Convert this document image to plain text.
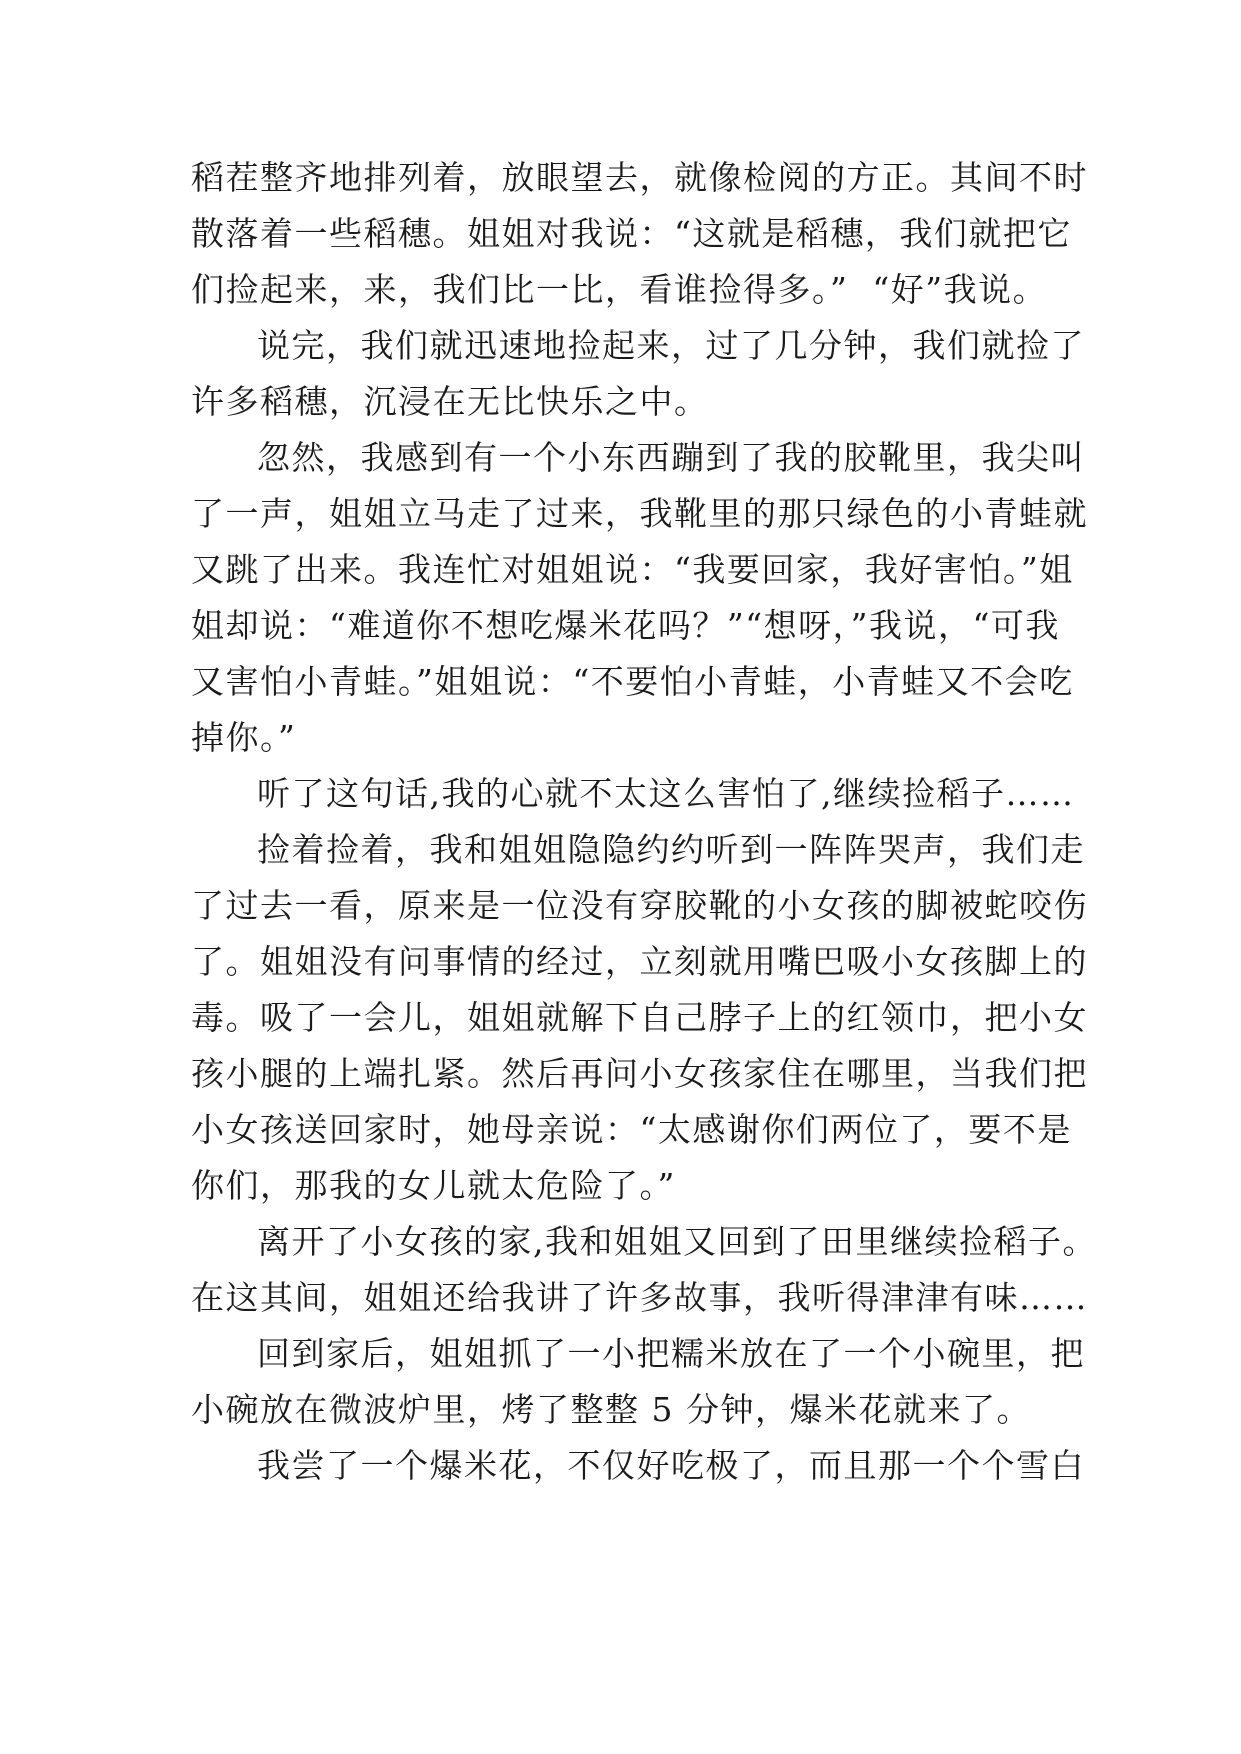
稻茬整齐地排列着，放眼望去，就像检阅的方正。其间不时
散落着一些稻穗。姐姐对我说：“这就是稻穗，我们就把它
们捡起来，来，我们比一比，看谁捡得多。”  “好”我说。
说完，我们就迅速地捡起来，过了几分钟，我们就捡了
许多稻穗，沉浸在无比快乐之中。
忽然，我感到有一个小东西蹦到了我的胶靴里，我尖叫
了一声，姐姐立马走了过来，我靴里的那只绿色的小青蛙就
又跳了出来。我连忙对姐姐说：“我要回家，我好害怕。”姐
姐却说：“难道你不想吃爆米花吗？”“想呀，”我说，“可我
又害怕小青蛙。”姐姐说：“不要怕小青蛙，小青蛙又不会吃
掉你。”
听了这句话,我的心就不太这么害怕了,继续捡稻子……
捡着捡着，我和姐姐隐隐约约听到一阵阵哭声，我们走
了过去一看，原来是一位没有穿胶靴的小女孩的脚被蛇咬伤
了。姐姐没有问事情的经过，立刻就用嘴巴吸小女孩脚上的
毒。吸了一会儿，姐姐就解下自己脖子上的红领巾，把小女
孩小腿的上端扎紧。然后再问小女孩家住在哪里，当我们把
小女孩送回家时，她母亲说：“太感谢你们两位了，要不是
你们，那我的女儿就太危险了。”
离开了小女孩的家,我和姐姐又回到了田里继续捡稻子。
在这其间，姐姐还给我讲了许多故事，我听得津津有味……
回到家后，姐姐抓了一小把糯米放在了一个小碗里，把
小碗放在微波炉里，烤了整整 5 分钟，爆米花就来了。
我尝了一个爆米花，不仅好吃极了，而且那一个个雪白
